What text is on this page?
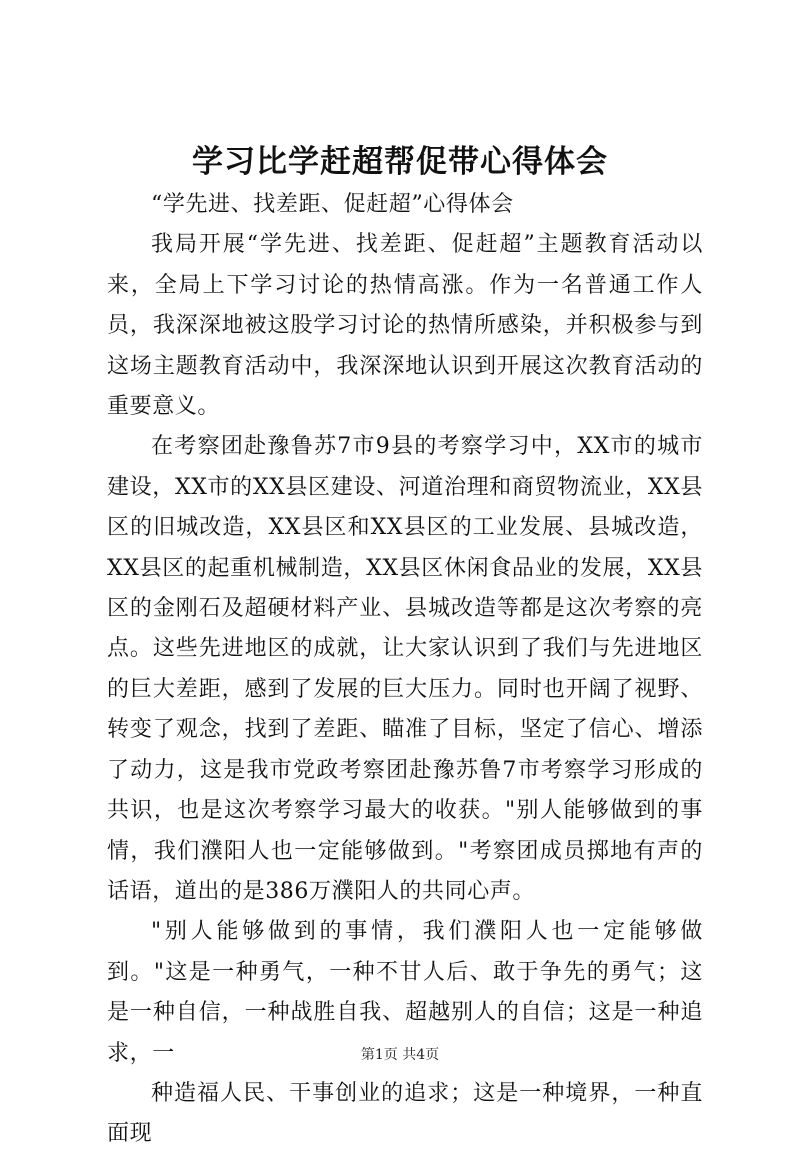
学习比学赶超帮促带心得体会

“学先进、找差距、促赶超”心得体会

我局开展“学先进、找差距、促赶超”主题教育活动以来，全局上下学习讨论的热情高涨。作为一名普通工作人员，我深深地被这股学习讨论的热情所感染，并积极参与到这场主题教育活动中，我深深地认识到开展这次教育活动的重要意义。

在考察团赴豫鲁苏7市9县的考察学习中，XX市的城市建设，XX市的XX县区建设、河道治理和商贸物流业，XX县区的旧城改造，XX县区和XX县区的工业发展、县城改造，XX县区的起重机械制造，XX县区休闲食品业的发展，XX县区的金刚石及超硬材料产业、县城改造等都是这次考察的亮点。这些先进地区的成就，让大家认识到了我们与先进地区的巨大差距，感到了发展的巨大压力。同时也开阔了视野、转变了观念，找到了差距、瞄准了目标，坚定了信心、增添了动力，这是我市党政考察团赴豫苏鲁7市考察学习形成的共识，也是这次考察学习最大的收获。"别人能够做到的事情，我们濮阳人也一定能够做到。"考察团成员掷地有声的话语，道出的是386万濮阳人的共同心声。

"别人能够做到的事情，我们濮阳人也一定能够做到。"这是一种勇气，一种不甘人后、敢于争先的勇气；这是一种自信，一种战胜自我、超越别人的自信；这是一种追求，一

种造福人民、干事创业的追求；这是一种境界，一种直面现

第1页 共4页
